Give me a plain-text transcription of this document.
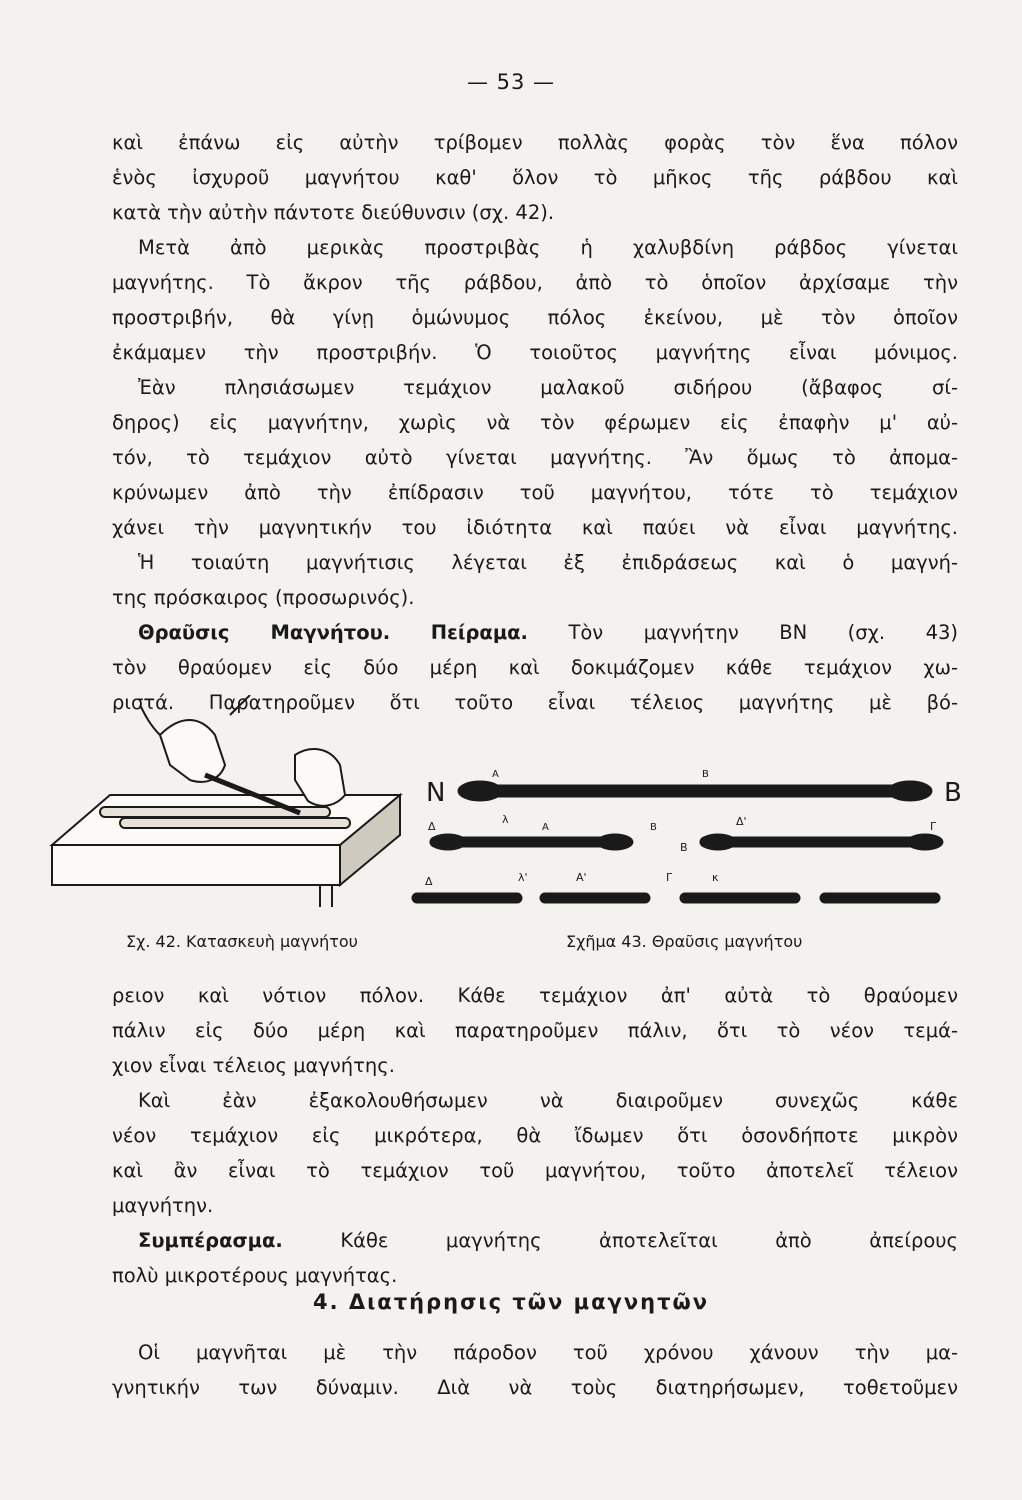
— 53 —
καὶ ἐπάνω εἰς αὐτὴν τρίβομεν πολλὰς φορὰς τὸν ἕνα πόλον
ἑνὸς ἰσχυροῦ μαγνήτου καθ' ὅλον τὸ μῆκος τῆς ράβδου καὶ
κατὰ τὴν αὐτὴν πάντοτε διεύθυνσιν (σχ. 42).
Μετὰ ἀπὸ μερικὰς προστριβὰς ἡ χαλυβδίνη ράβδος γίνεται
μαγνήτης. Τὸ ἄκρον τῆς ράβδου, ἀπὸ τὸ ὁποῖον ἀρχίσαμε τὴν
προστριβήν, θὰ γίνῃ ὁμώνυμος πόλος ἐκείνου, μὲ τὸν ὁποῖον
ἐκάμαμεν τὴν προστριβήν. Ὁ τοιοῦτος μαγνήτης εἶναι μόνιμος.
Ἐὰν πλησιάσωμεν τεμάχιον μαλακοῦ σιδήρου (ἄβαφος σί-
δηρος) εἰς μαγνήτην, χωρὶς νὰ τὸν φέρωμεν εἰς ἐπαφὴν μ' αὐ-
τόν, τὸ τεμάχιον αὐτὸ γίνεται μαγνήτης. Ἂν ὅμως τὸ ἀπομα-
κρύνωμεν ἀπὸ τὴν ἐπίδρασιν τοῦ μαγνήτου, τότε τὸ τεμάχιον
χάνει τὴν μαγνητικήν του ἰδιότητα καὶ παύει νὰ εἶναι μαγνήτης.
Ἡ τοιαύτη μαγνήτισις λέγεται ἐξ ἐπιδράσεως καὶ ὁ μαγνή-
της πρόσκαιρος (προσωρινός).
Θραῦσις Μαγνήτου. Πείραμα. Τὸν μαγνήτην ΒΝ (σχ. 43)
τὸν θραύομεν εἰς δύο μέρη καὶ δοκιμάζομεν κάθε τεμάχιον χω-
ριστά. Παρατηροῦμεν ὅτι τοῦτο εἶναι τέλειος μαγνήτης μὲ βό-
N	B
A	B
Δ
λ
A	B	Δ'	Γ
B
Δ	λ'	A'	Γ	κ
Σχ. 42. Κατασκευὴ μαγνήτου	Σχῆμα 43. Θραῦσις μαγνήτου
ρειον καὶ νότιον πόλον. Κάθε τεμάχιον ἀπ' αὐτὰ τὸ θραύομεν
πάλιν εἰς δύο μέρη καὶ παρατηροῦμεν πάλιν, ὅτι τὸ νέον τεμά-
χιον εἶναι τέλειος μαγνήτης.
Καὶ ἐὰν ἐξακολουθήσωμεν νὰ διαιροῦμεν συνεχῶς κάθε
νέον τεμάχιον εἰς μικρότερα, θὰ ἴδωμεν ὅτι ὁσονδήποτε μικρὸν
καὶ ἂν εἶναι τὸ τεμάχιον τοῦ μαγνήτου, τοῦτο ἀποτελεῖ τέλειον
μαγνήτην.
Συμπέρασμα.	Κάθε μαγνήτης ἀποτελεῖται ἀπὸ ἀπείρους
πολὺ μικροτέρους μαγνήτας.
4. Διατήρησις τῶν μαγνητῶν
Οἱ μαγνῆται μὲ τὴν πάροδον τοῦ χρόνου χάνουν τὴν μα-
γνητικήν των δύναμιν. Διὰ νὰ τοὺς διατηρήσωμεν, τοθετοῦμεν
